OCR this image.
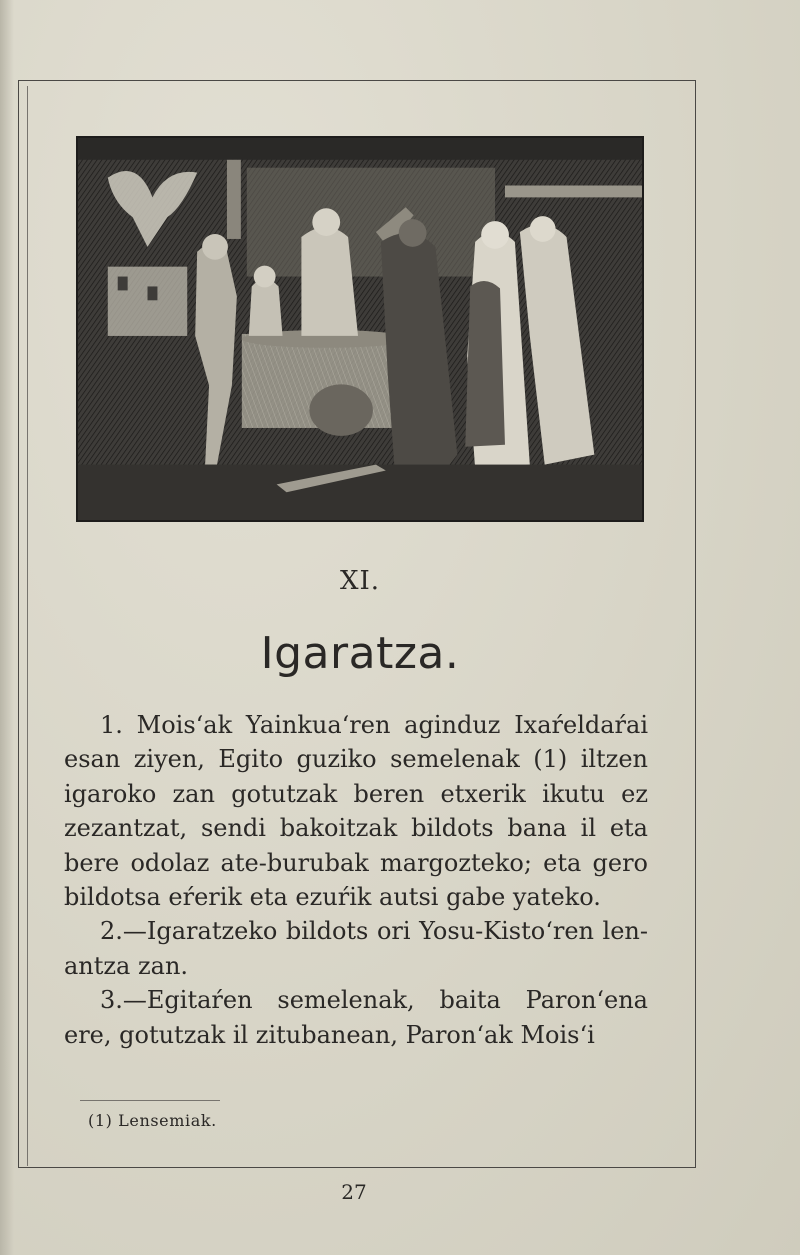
XI.
Igaratza.

1. Mois‘ak Yainkua‘ren aginduz Ixaŕeldaŕai esan ziyen, Egito guziko semelenak (1) iltzen igaroko zan gotutzak beren etxerik ikutu ez zezantzat, sendi bakoitzak bildots bana il eta bere odolaz ate-burubak margozteko; eta gero bildotsa eŕerik eta ezuŕik autsi gabe yateko.

2.—Igaratzeko bildots ori Yosu-Kisto‘ren len-antza zan.

3.—Egitaŕen semelenak, baita Paron‘ena ere, gotutzak il zitubanean, Paron‘ak Mois‘i

(1) Lensemiak.
27
